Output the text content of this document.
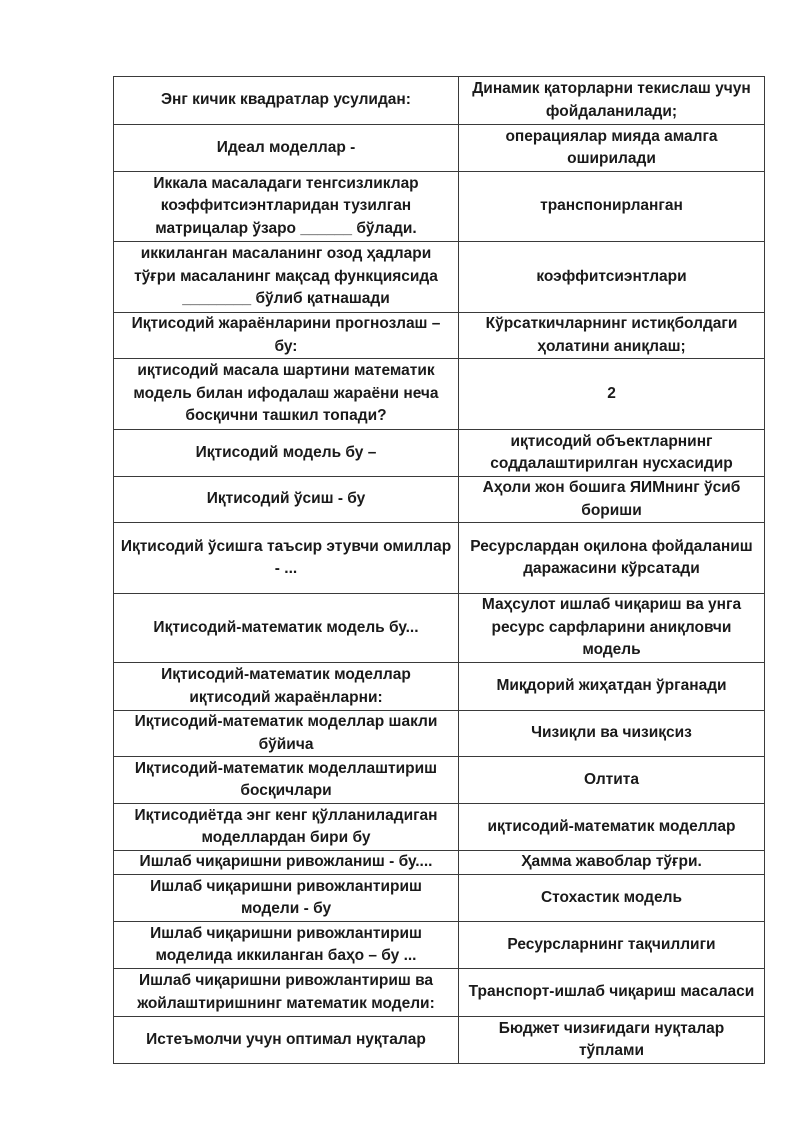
Энг кичик квадратлар усулидан:	Динамик қаторларни текислаш учун фойдаланилади;
Идеал моделлар -	операциялар мияда амалга оширилади
Иккала масаладаги тенгсизликлар коэффитсиэнтларидан тузилган матрицалар ўзаро ______ бўлади.	транспонирланган
иккиланган масаланинг озод ҳадлари тўғри масаланинг мақсад функциясида ________ бўлиб қатнашади	коэффитсиэнтлари
Иқтисодий жараёнларини прогнозлаш – бу:	Кўрсаткичларнинг истиқболдаги ҳолатини аниқлаш;
иқтисодий масала шартини математик модель билан ифодалаш жараёни неча босқични ташкил топади?	2
Иқтисодий модель бу –	иқтисодий объектларнинг соддалаштирилган нусхасидир
Иқтисодий ўсиш - бу	Аҳоли жон бошига ЯИМнинг ўсиб бориши
Иқтисодий ўсишга таъсир этувчи омиллар - ...	Ресурслардан оқилона фойдаланиш даражасини кўрсатади
Иқтисодий-математик модель бу...	Маҳсулот ишлаб чиқариш ва унга ресурс сарфларини аниқловчи модель
Иқтисодий-математик моделлар иқтисодий жараёнларни:	Миқдорий жиҳатдан ўрганади
Иқтисодий-математик моделлар шакли бўйича	Чизиқли ва чизиқсиз
Иқтисодий-математик моделлаштириш босқичлари	Олтита
Иқтисодиётда энг кенг қўлланиладиган моделлардан бири бу	иқтисодий-математик моделлар
Ишлаб чиқаришни ривожланиш - бу....	Ҳамма жавоблар тўғри.
Ишлаб чиқаришни ривожлантириш модели - бу	Стохастик модель
Ишлаб чиқаришни ривожлантириш моделида иккиланган баҳо – бу ...	Ресурсларнинг тақчиллиги
Ишлаб чиқаришни ривожлантириш ва жойлаштиришнинг математик модели:	Транспорт-ишлаб чиқариш масаласи
Истеъмолчи учун оптимал нуқталар	Бюджет чизиғидаги нуқталар тўплами
